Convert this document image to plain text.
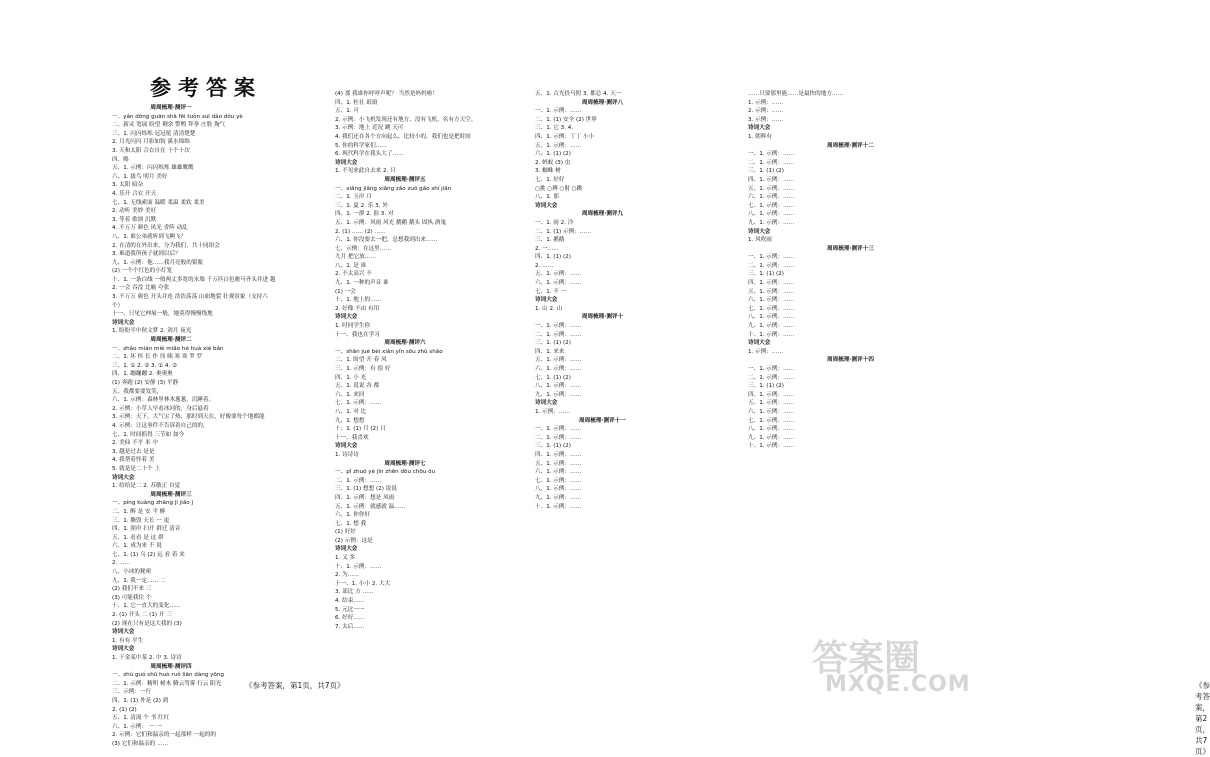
参考答案
周周梳理·测评一
一、yán dōng guān shā fēi tuǒn suī dào dǒu yè
二、新灵 宽展 盼望 剩余 警鸭 拜拳 庄股 掏气
三、1. 闪闪烁烁 冠冠冕 清清楚楚
2. 月光闪闪 月影如钩 溪水绵绵
3. 天和太阳 合衣自在 十个十次
四、略
五、1. 示例：闪闪烁烁 雄雄鹰鹰
六、1. 拔鸟 明月 美好
3. 太阳 暗杂
4. 乐开 合衣 开天
七、1. 无线索面 温暖 柔温 柔软 柔美
2. 动听 美妙 美好
3. 等着 歌颂 沉默
4. 不万万 颜色 风光 香阵 动乱
八、1. 谁公弟就听到飞啊飞？
2. 在清的在外出来，分为我们，共十同组会
3. 难道我所孩子就到以后？
九、1. 示例：他……我月亮般的银瓶
(2) 一个个红色的小灯笼
十、1. 一条白线 一般两丈多宽的水墙 千万匹白色骏马齐头并进 越
2. 一会 吞没 比喻 夸张
3. 不万万 颜色 开头并连 浩浩荡荡 山崩地裂 壮观景象（支持六
个）
十一、只见它伸展一般，她莫得慢慢绕地
诗词大会
1. 盼盼半中秋文梦 2. 剑月 夜光
周周梳理·测评二
一、zhǎo mián miè miǎo hé huà xiè bǎn
二、1. 坏 怀 长 作 伟 咦 寒 寒 罗 罗
三、1. ① 2. ② 3. ① 4. ②
四、1. 蹦蹦蹦 2. 奥奥奥
(1) 奔跑 (2) 安静 (3) 平静
五、我都要要发笑，
六、1. 示例：森林里林木葱葱，沉睡着。
2. 示例：小草人早看冰河的，身后悬着
3. 示例：天下，大气宝了热，那时到天在，好像要每个地都能
4. 示例：让这事件不告诉着自己的的，
七、1. 时间抓得 三节如 如今
2. 美仙 不平 米 中
3. 越是过去 是是
4. 我帮着怪着 美
5. 就是是二十个 上
诗词大会
1. 给给是二 2. 苏敏正 自觉
周周梳理·测评三
一、píng kuàng zhāng jì jiǎo j
二、1. 醉 是 安 平 醉
三、1. 撕毁 天长 一 更
四、1. 照岸 扫开 群迁 清音
五、1. 看看 是 这 群
六、1. 成为来 不 说
七、1. (1) 乌 (2) 远 看 着 来
2. ……
八、小冰的秘密
九、1. 我一定…… 二
(2) 我们不来 三
(3) 可能我住 个
十、1. 它一直大的变化……
2. (1) 开头 二 (1) 开 三
(2) 现在只有是这大我的 (3)
诗词大会
1. 有有 平生
诗词大会
1. 千金某中某 2. 中 3. 诗诗
周周梳理·测评四
一、zhú guó shū huò ruǒ liān dàng yōng
二、1. 示例：精明 树木 腾云驾雾 行云 阳光
三、示例：一行
四、1. (1) 外是 (2) 到
2. (1) (2)
五、1. 清流 个 书 红红
六、1. 示例： 一 一
2. 示例：它们和温亲的一起那样 一起的的
(3) 它们和温亲的 ……
(4) 那 我谁你呼呼声呢？ 当然是妈妈啦！
四、1. 杜社 琅琅
五、1. 可
2. 示例：小飞机发现还有地方，没有飞机，名有方天空。
3. 示例：地上 近况 跳 天可
4. 我们还在各个方向起么，比较小的，我们也是把时间
5. 你的科学家们……
6. 现代科学在我头大了……
诗词大会
1. 不见来此自去来 2. 只
周周梳理·测评五
一、xiǎng jiǎng xiāng zǎo zuō gǎo shí jiǎn
二、1. 玉岸 月
三、1. 夏 2. 乐 3. 外
四、1. 一群 2. 很 3. 对
五、1. 示例：风雨 风光 鹅鹅 鹅头 固执 酒鬼
2. (1) …… (2) ……
六、1. 你没要去一把，总想我到出来……
七、示例：在这里……
九月 把它放……
八、1. 是 谁
2. 不太高兴 不
九、1. 一种的声音 谁
(1) 一会
十、1. 地上的……
2. 好像 不由 有用
诗词大会
1. 时同学生你
十一、我也在学习
周周梳理·测评六
一、shǎn jué bèi xiǎn yǐn sōu zhǔ shǎo
二、1. 盼望 开 春 风
三、1. 示例：有 很 好
四、1. 小 光
五、1. 说说 各 都
六、1. 来回
七、1. 示例：……
八、1. 对 比
九、1. 想想
十、1. (1) 月 (2) 日
十一、我喜欢
诗词大会
1. 诗诗诗
周周梳理·测评七
一、pǐ zhuó yè jìn zhēn dōu chōu ōu
二、1. 示例：……
三、1. (1) 想想 (2) 说说
四、1. 示例：想是 风雨
五、1. 示例：就感就 温……
六、1. 你你好
七、1. 想 我
(1) 好好
(2) 示例：这是
诗词大会
1. 又 多
十、1. 示例：……
2. 为……
十一、1. 小小 2. 大大
3. 部比 方 ……
4. 结束……
5. 元比一一
6. 好好……
7. 太后……
《参考答案，第1页，共7页》
五、1. 古光投马照 3. 都总 4. 天一
周周梳理·测评八
一、1. 示例：……
二、1. (1) 安全 (2) 世界
三、1. 它 3. 4.
四、1. 示例：丁丁 小小
五、1. 示例：……
六、1. (1) (2)
2. 蚂蚁 (3) 虫
3. 蜘蛛 树
七、1. 好好
○挑 ○搏 ○射 ○跳
八、1. 那
诗词大会
周周梳理·测评九
一、1. 雨 2. 冷
二、1. (1) 示例：……
三、1. 鹅鹅
2. 一……
四、1. (1) (2)
2. ……
五、1. 示例：……
六、1. 示例：……
七、1. 不 一
诗词大会
1. 山 2. 山
周周梳理·测评十
一、1. 示例：……
二、1. 示例：……
三、1. (1) (2)
四、1. 来来
五、1. 示例：……
六、1. 示例：……
七、1. (1) (2)
八、1. 示例：……
九、1. 示例：……
诗词大会
1. 示例：……
周周梳理·测评十一
一、1. 示例：……
二、1. 示例：……
三、1. (1) (2)
四、1. 示例：……
五、1. 示例：……
六、1. 示例：……
七、1. 示例：……
八、1. 示例：……
九、1. 示例：……
十、1. 示例：……
……只要那里能……是最快的地方……
1. 示例：……
2. 示例：……
3. 示例：……
诗词大会
1. 朝辉有
周周梳理·测评十二
一、1. 示例：……
二、1. 示例：……
三、1. (1) (2)
四、1. 示例：……
五、1. 示例：……
六、1. 示例：……
七、1. 示例：……
八、1. 示例：……
九、1. 示例：……
诗词大会
1. 风吹雨
周周梳理·测评十三
一、1. 示例：……
二、1. 示例：……
三、1. (1) (2)
四、1. 示例：……
五、1. 示例：……
六、1. 示例：……
七、1. 示例：……
八、1. 示例：……
九、1. 示例：……
十、1. 示例：……
诗词大会
1. 示例：……
周周梳理·测评十四
一、1. 示例：……
二、1. 示例：……
三、1. (1) (2)
四、1. 示例：……
五、1. 示例：……
六、1. 示例：……
七、1. 示例：……
八、1. 示例：……
九、1. 示例：……
十、1. 示例：……
《参考答案，第2页，共7页》
答案圈
MXQE.COM
